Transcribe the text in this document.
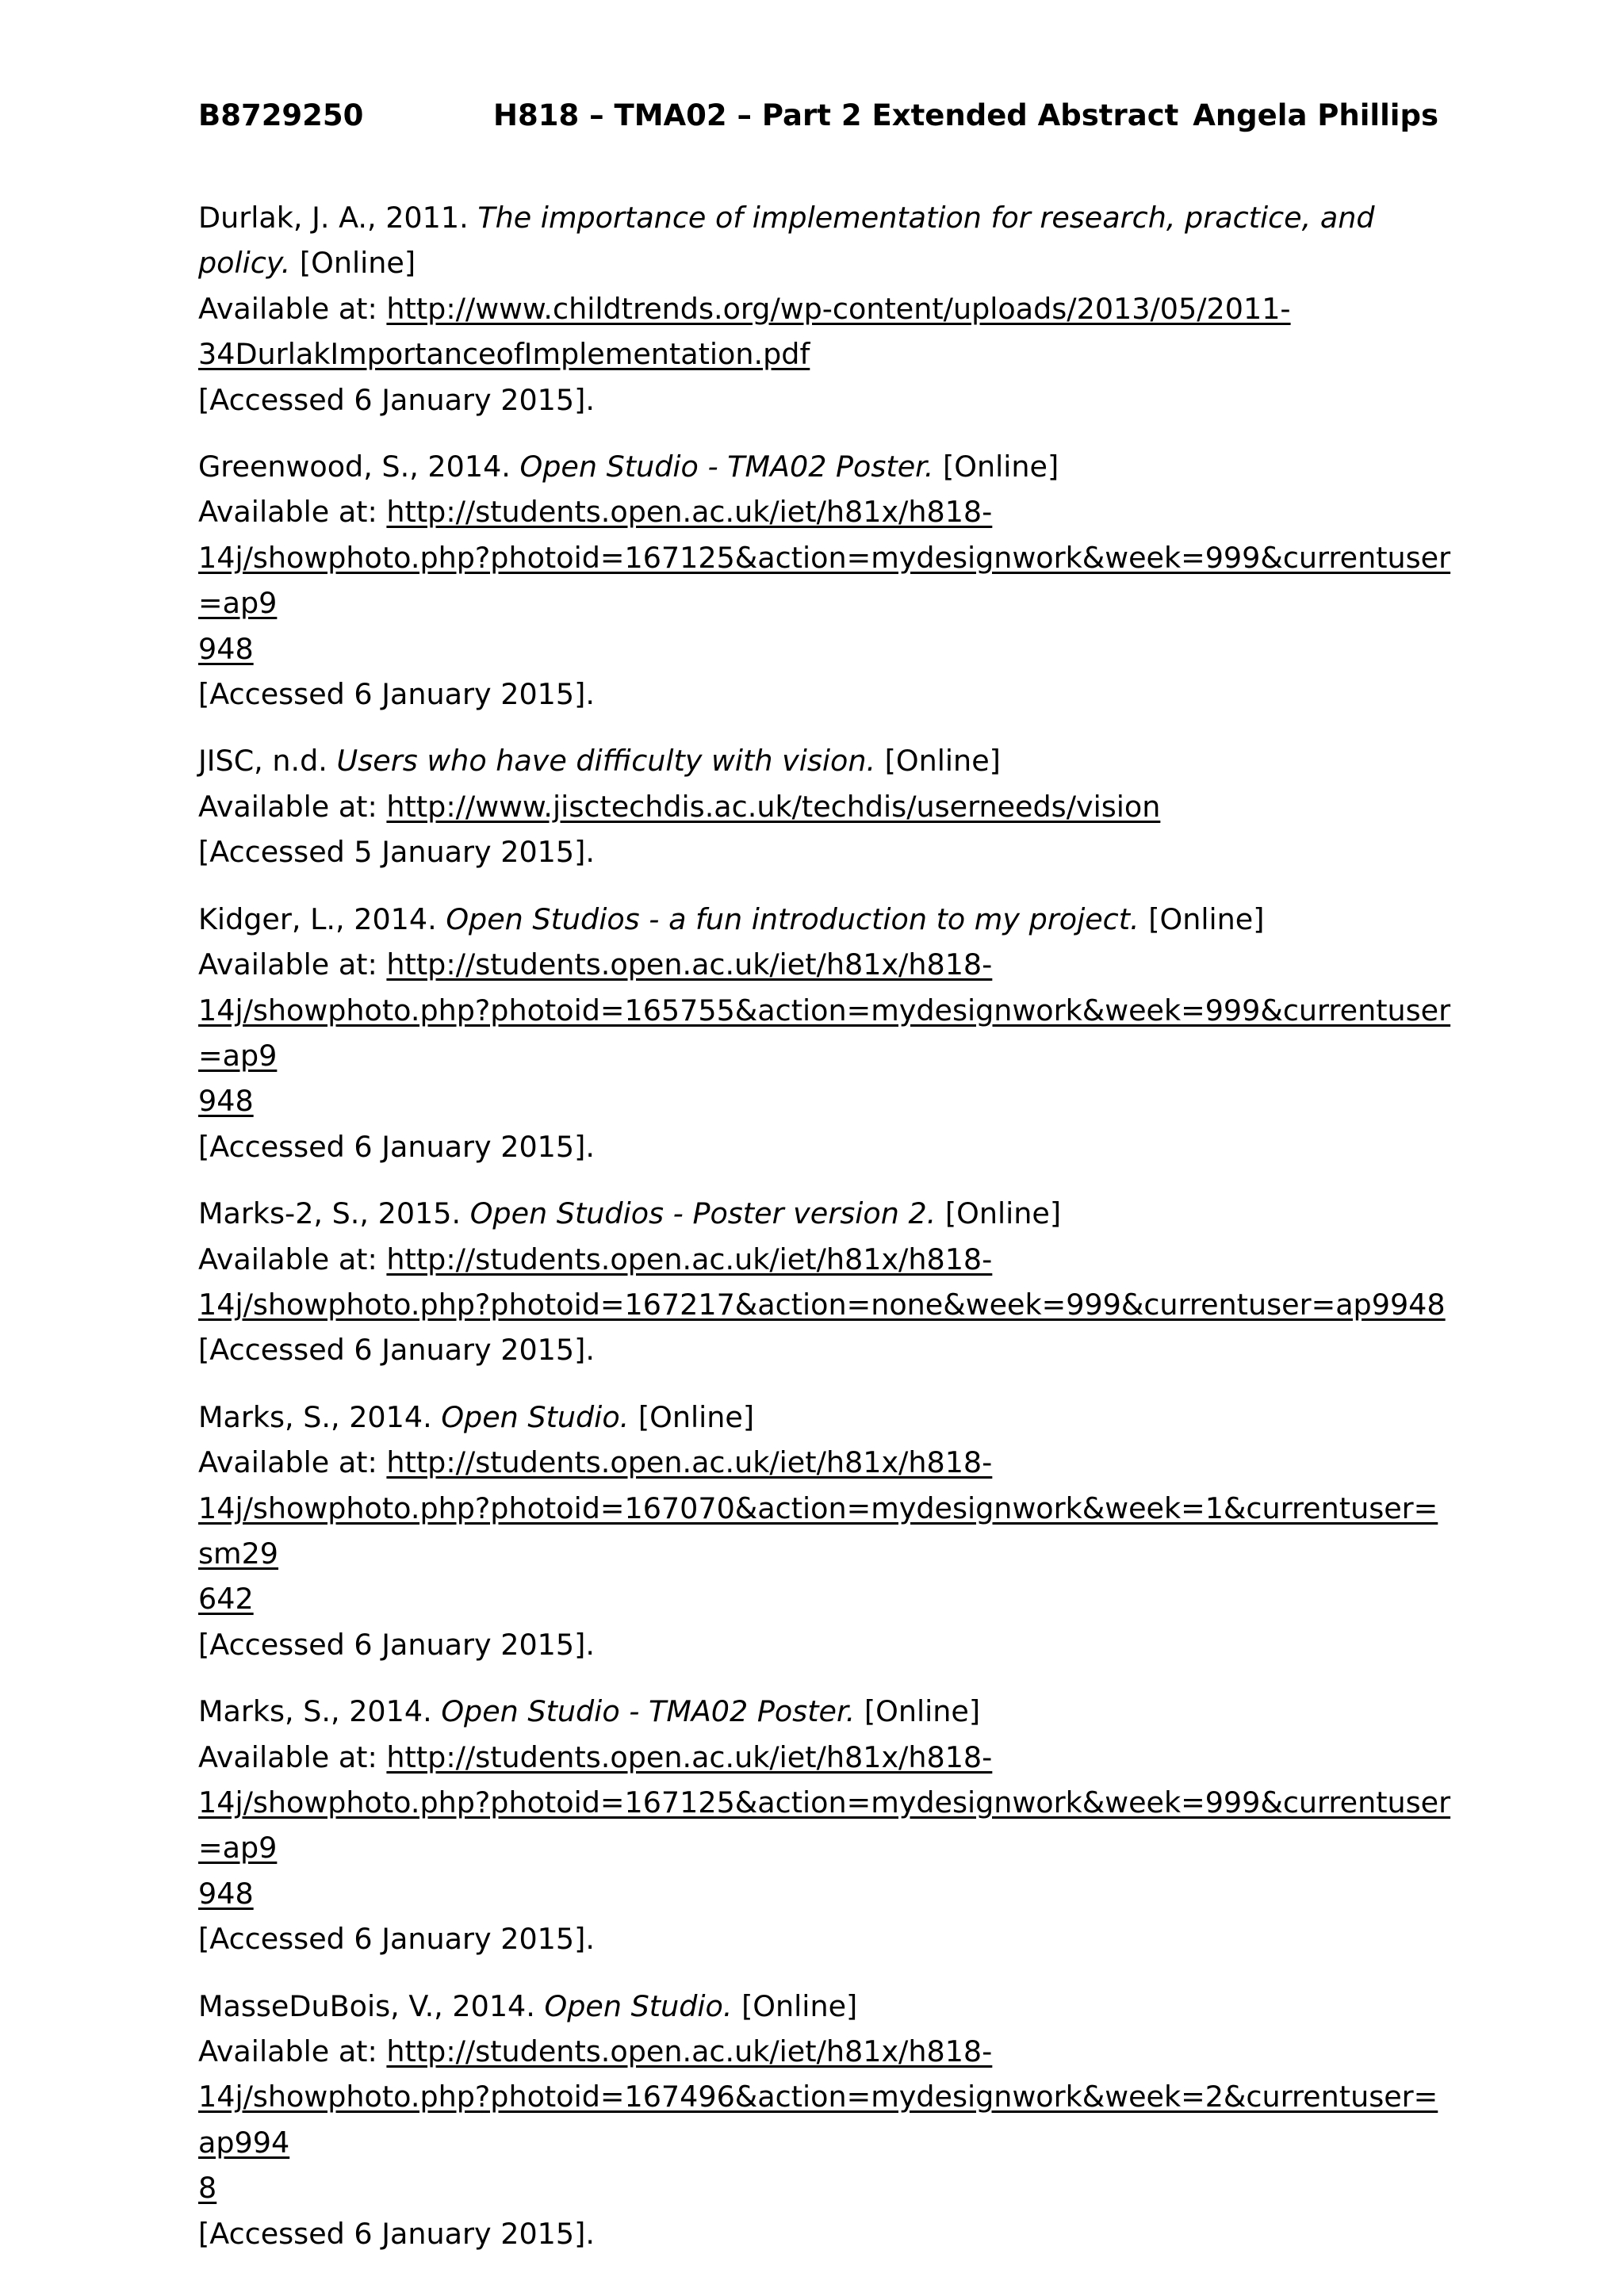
B8729250	H818 – TMA02 – Part 2 Extended Abstract Angela Phillips
Durlak, J. A., 2011. The importance of implementation for research, practice, and policy. [Online]
Available at: http://www.childtrends.org/wp-content/uploads/2013/05/2011-
34DurlakImportanceofImplementation.pdf
[Accessed 6 January 2015].
Greenwood, S., 2014. Open Studio - TMA02 Poster. [Online]
Available at: http://students.open.ac.uk/iet/h81x/h818-
14j/showphoto.php?photoid=167125&action=mydesignwork&week=999&currentuser=ap9
948
[Accessed 6 January 2015].
JISC, n.d. Users who have difficulty with vision. [Online]
Available at: http://www.jisctechdis.ac.uk/techdis/userneeds/vision
[Accessed 5 January 2015].
Kidger, L., 2014. Open Studios - a fun introduction to my project. [Online]
Available at: http://students.open.ac.uk/iet/h81x/h818-
14j/showphoto.php?photoid=165755&action=mydesignwork&week=999&currentuser=ap9
948
[Accessed 6 January 2015].
Marks-2, S., 2015. Open Studios - Poster version 2. [Online]
Available at: http://students.open.ac.uk/iet/h81x/h818-
14j/showphoto.php?photoid=167217&action=none&week=999&currentuser=ap9948
[Accessed 6 January 2015].
Marks, S., 2014. Open Studio. [Online]
Available at: http://students.open.ac.uk/iet/h81x/h818-
14j/showphoto.php?photoid=167070&action=mydesignwork&week=1&currentuser=sm29
642
[Accessed 6 January 2015].
Marks, S., 2014. Open Studio - TMA02 Poster. [Online]
Available at: http://students.open.ac.uk/iet/h81x/h818-
14j/showphoto.php?photoid=167125&action=mydesignwork&week=999&currentuser=ap9
948
[Accessed 6 January 2015].
MasseDuBois, V., 2014. Open Studio. [Online]
Available at: http://students.open.ac.uk/iet/h81x/h818-
14j/showphoto.php?photoid=167496&action=mydesignwork&week=2&currentuser=ap994
8
[Accessed 6 January 2015].
